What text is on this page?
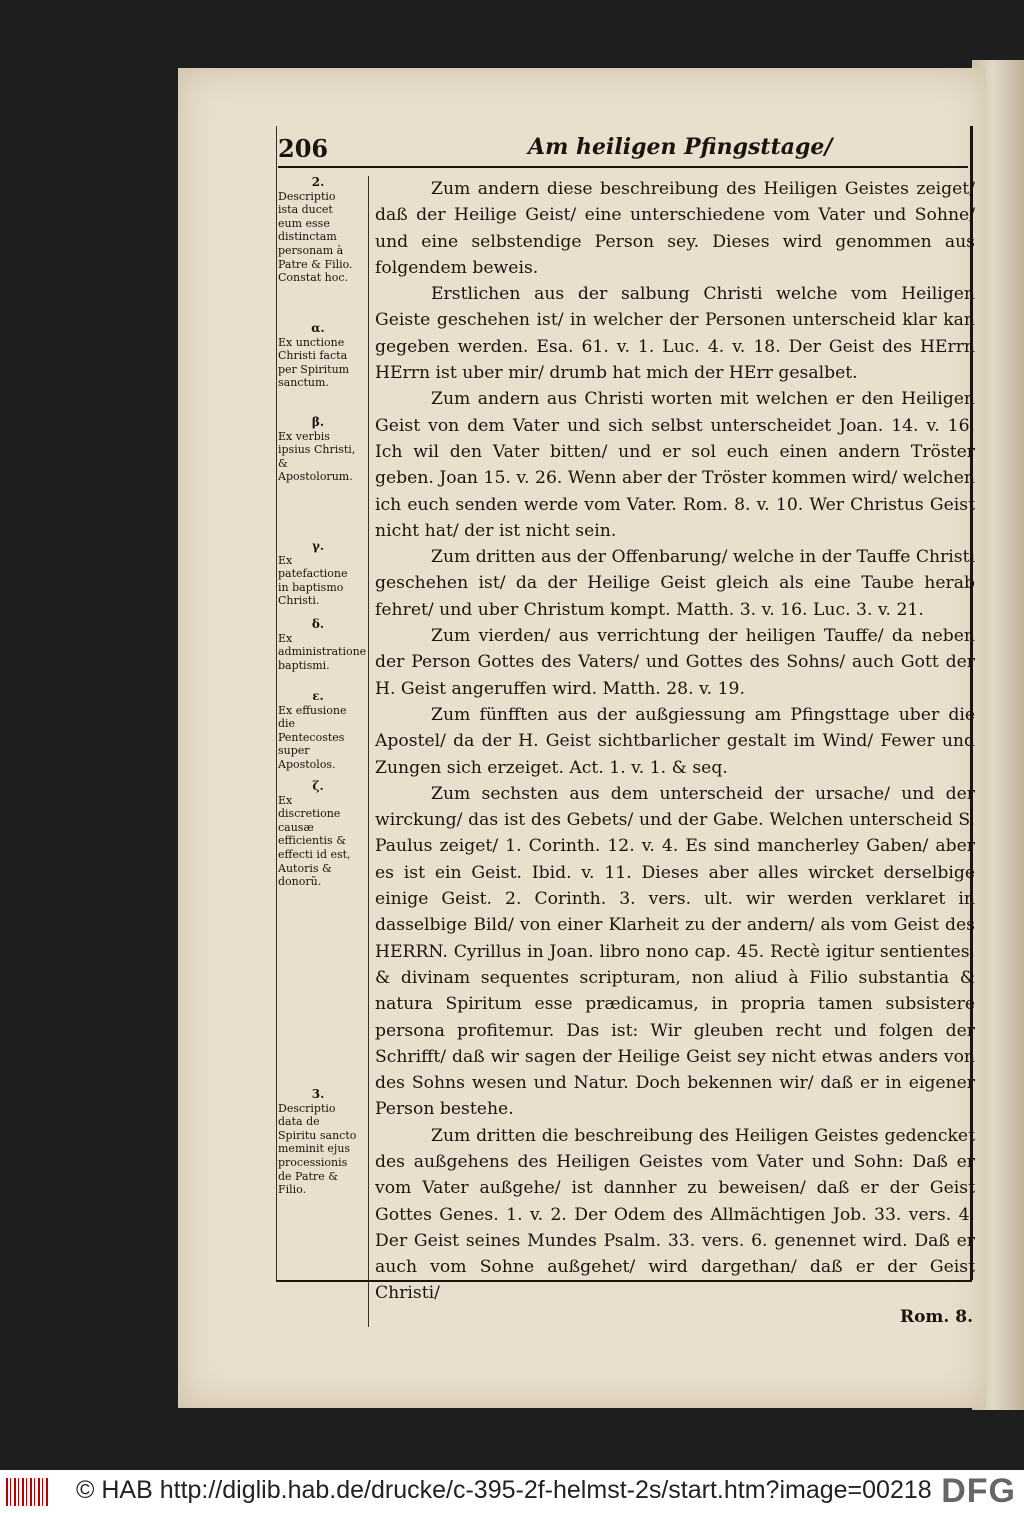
206	Am heiligen Pfingsttage/
2.
Descriptio ista ducet eum esse distinctam personam à Patre & Filio. Constat hoc.
α.
Ex unctione Christi facta per Spiritum sanctum.
β.
Ex verbis ipsius Christi, & Apostolorum.
γ.
Ex patefactione in baptismo Christi.
δ.
Ex administratione baptismi.
ε.
Ex effusione die Pentecostes super Apostolos.
ζ.
Ex discretione causæ efficientis & effecti id est, Autoris & donorũ.
3.
Descriptio data de Spiritu sancto meminit ejus processionis de Patre & Filio.

Zum andern diese beschreibung des Heiligen Geistes zeiget/ daß der Heilige Geist/ eine unterschiedene vom Vater und Sohne/ und eine selbstendige Person sey. Dieses wird genommen aus folgendem beweis.

Erstlichen aus der salbung Christi welche vom Heiligen Geiste geschehen ist/ in welcher der Personen unterscheid klar kan gegeben werden. Esa. 61. v. 1. Luc. 4. v. 18. Der Geist des HErrn HErrn ist uber mir/ drumb hat mich der HErr gesalbet.

Zum andern aus Christi worten mit welchen er den Heiligen Geist von dem Vater und sich selbst unterscheidet Joan. 14. v. 16. Ich wil den Vater bitten/ und er sol euch einen andern Tröster geben. Joan 15. v. 26. Wenn aber der Tröster kommen wird/ welchen ich euch senden werde vom Vater. Rom. 8. v. 10. Wer Christus Geist nicht hat/ der ist nicht sein.

Zum dritten aus der Offenbarung/ welche in der Tauffe Christi geschehen ist/ da der Heilige Geist gleich als eine Taube herab fehret/ und uber Christum kompt. Matth. 3. v. 16. Luc. 3. v. 21.

Zum vierden/ aus verrichtung der heiligen Tauffe/ da neben der Person Gottes des Vaters/ und Gottes des Sohns/ auch Gott der H. Geist angeruffen wird. Matth. 28. v. 19.

Zum fünfften aus der außgiessung am Pfingsttage uber die Apostel/ da der H. Geist sichtbarlicher gestalt im Wind/ Fewer und Zungen sich erzeiget. Act. 1. v. 1. & seq.

Zum sechsten aus dem unterscheid der ursache/ und der wirckung/ das ist des Gebets/ und der Gabe. Welchen unterscheid S. Paulus zeiget/ 1. Corinth. 12. v. 4. Es sind mancherley Gaben/ aber es ist ein Geist. Ibid. v. 11. Dieses aber alles wircket derselbige einige Geist. 2. Corinth. 3. vers. ult. wir werden verklaret in dasselbige Bild/ von einer Klarheit zu der andern/ als vom Geist des HERRN. Cyrillus in Joan. libro nono cap. 45. Rectè igitur sentientes, & divinam sequentes scripturam, non aliud à Filio substantia & natura Spiritum esse prædicamus, in propria tamen subsistere persona profitemur. Das ist: Wir gleuben recht und folgen der Schrifft/ daß wir sagen der Heilige Geist sey nicht etwas anders von des Sohns wesen und Natur. Doch bekennen wir/ daß er in eigener Person bestehe.

Zum dritten die beschreibung des Heiligen Geistes gedencket des außgehens des Heiligen Geistes vom Vater und Sohn: Daß er vom Vater außgehe/ ist dannher zu beweisen/ daß er der Geist Gottes Genes. 1. v. 2. Der Odem des Allmächtigen Job. 33. vers. 4. Der Geist seines Mundes Psalm. 33. vers. 6. genennet wird. Daß er auch vom Sohne außgehet/ wird dargethan/ daß er der Geist Christi/

Rom. 8.
© HAB http://diglib.hab.de/drucke/c-395-2f-helmst-2s/start.htm?image=00218 DFG
